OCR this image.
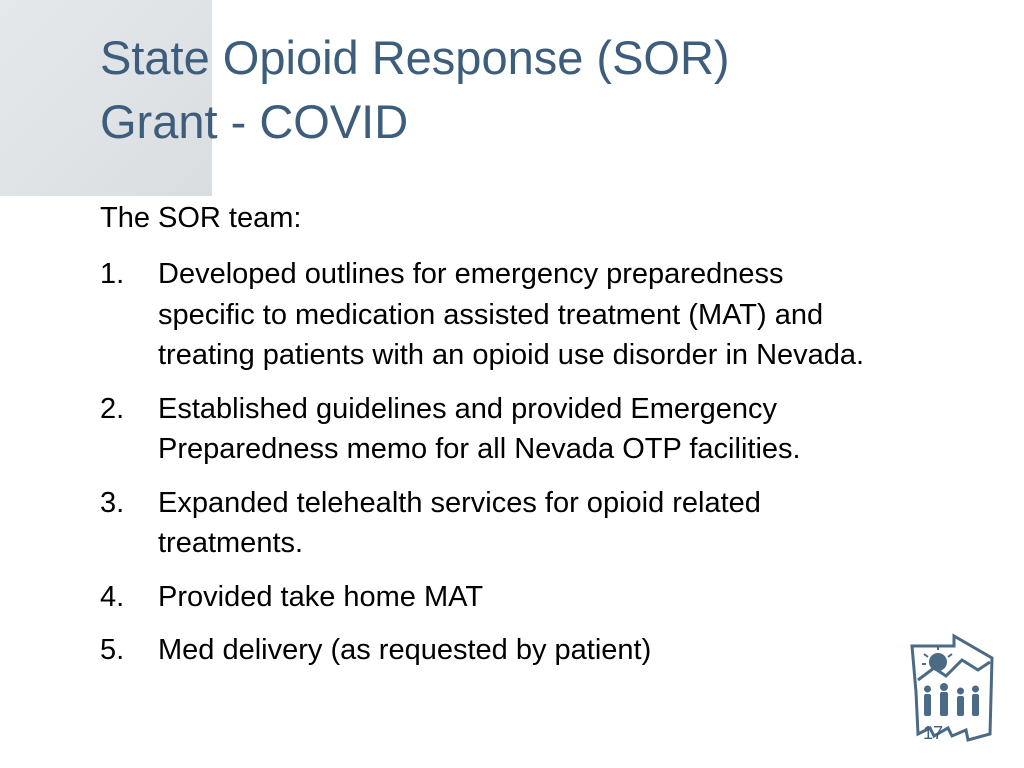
State Opioid Response (SOR)
Grant - COVID
The SOR team:
1.	Developed outlines for emergency preparedness
specific to medication assisted treatment (MAT) and
treating patients with an opioid use disorder in Nevada.
2.	Established guidelines and provided Emergency
Preparedness memo for all Nevada OTP facilities.
3.	Expanded telehealth services for opioid related
treatments.
4.	Provided take home MAT
5.	Med delivery (as requested by patient)
17
